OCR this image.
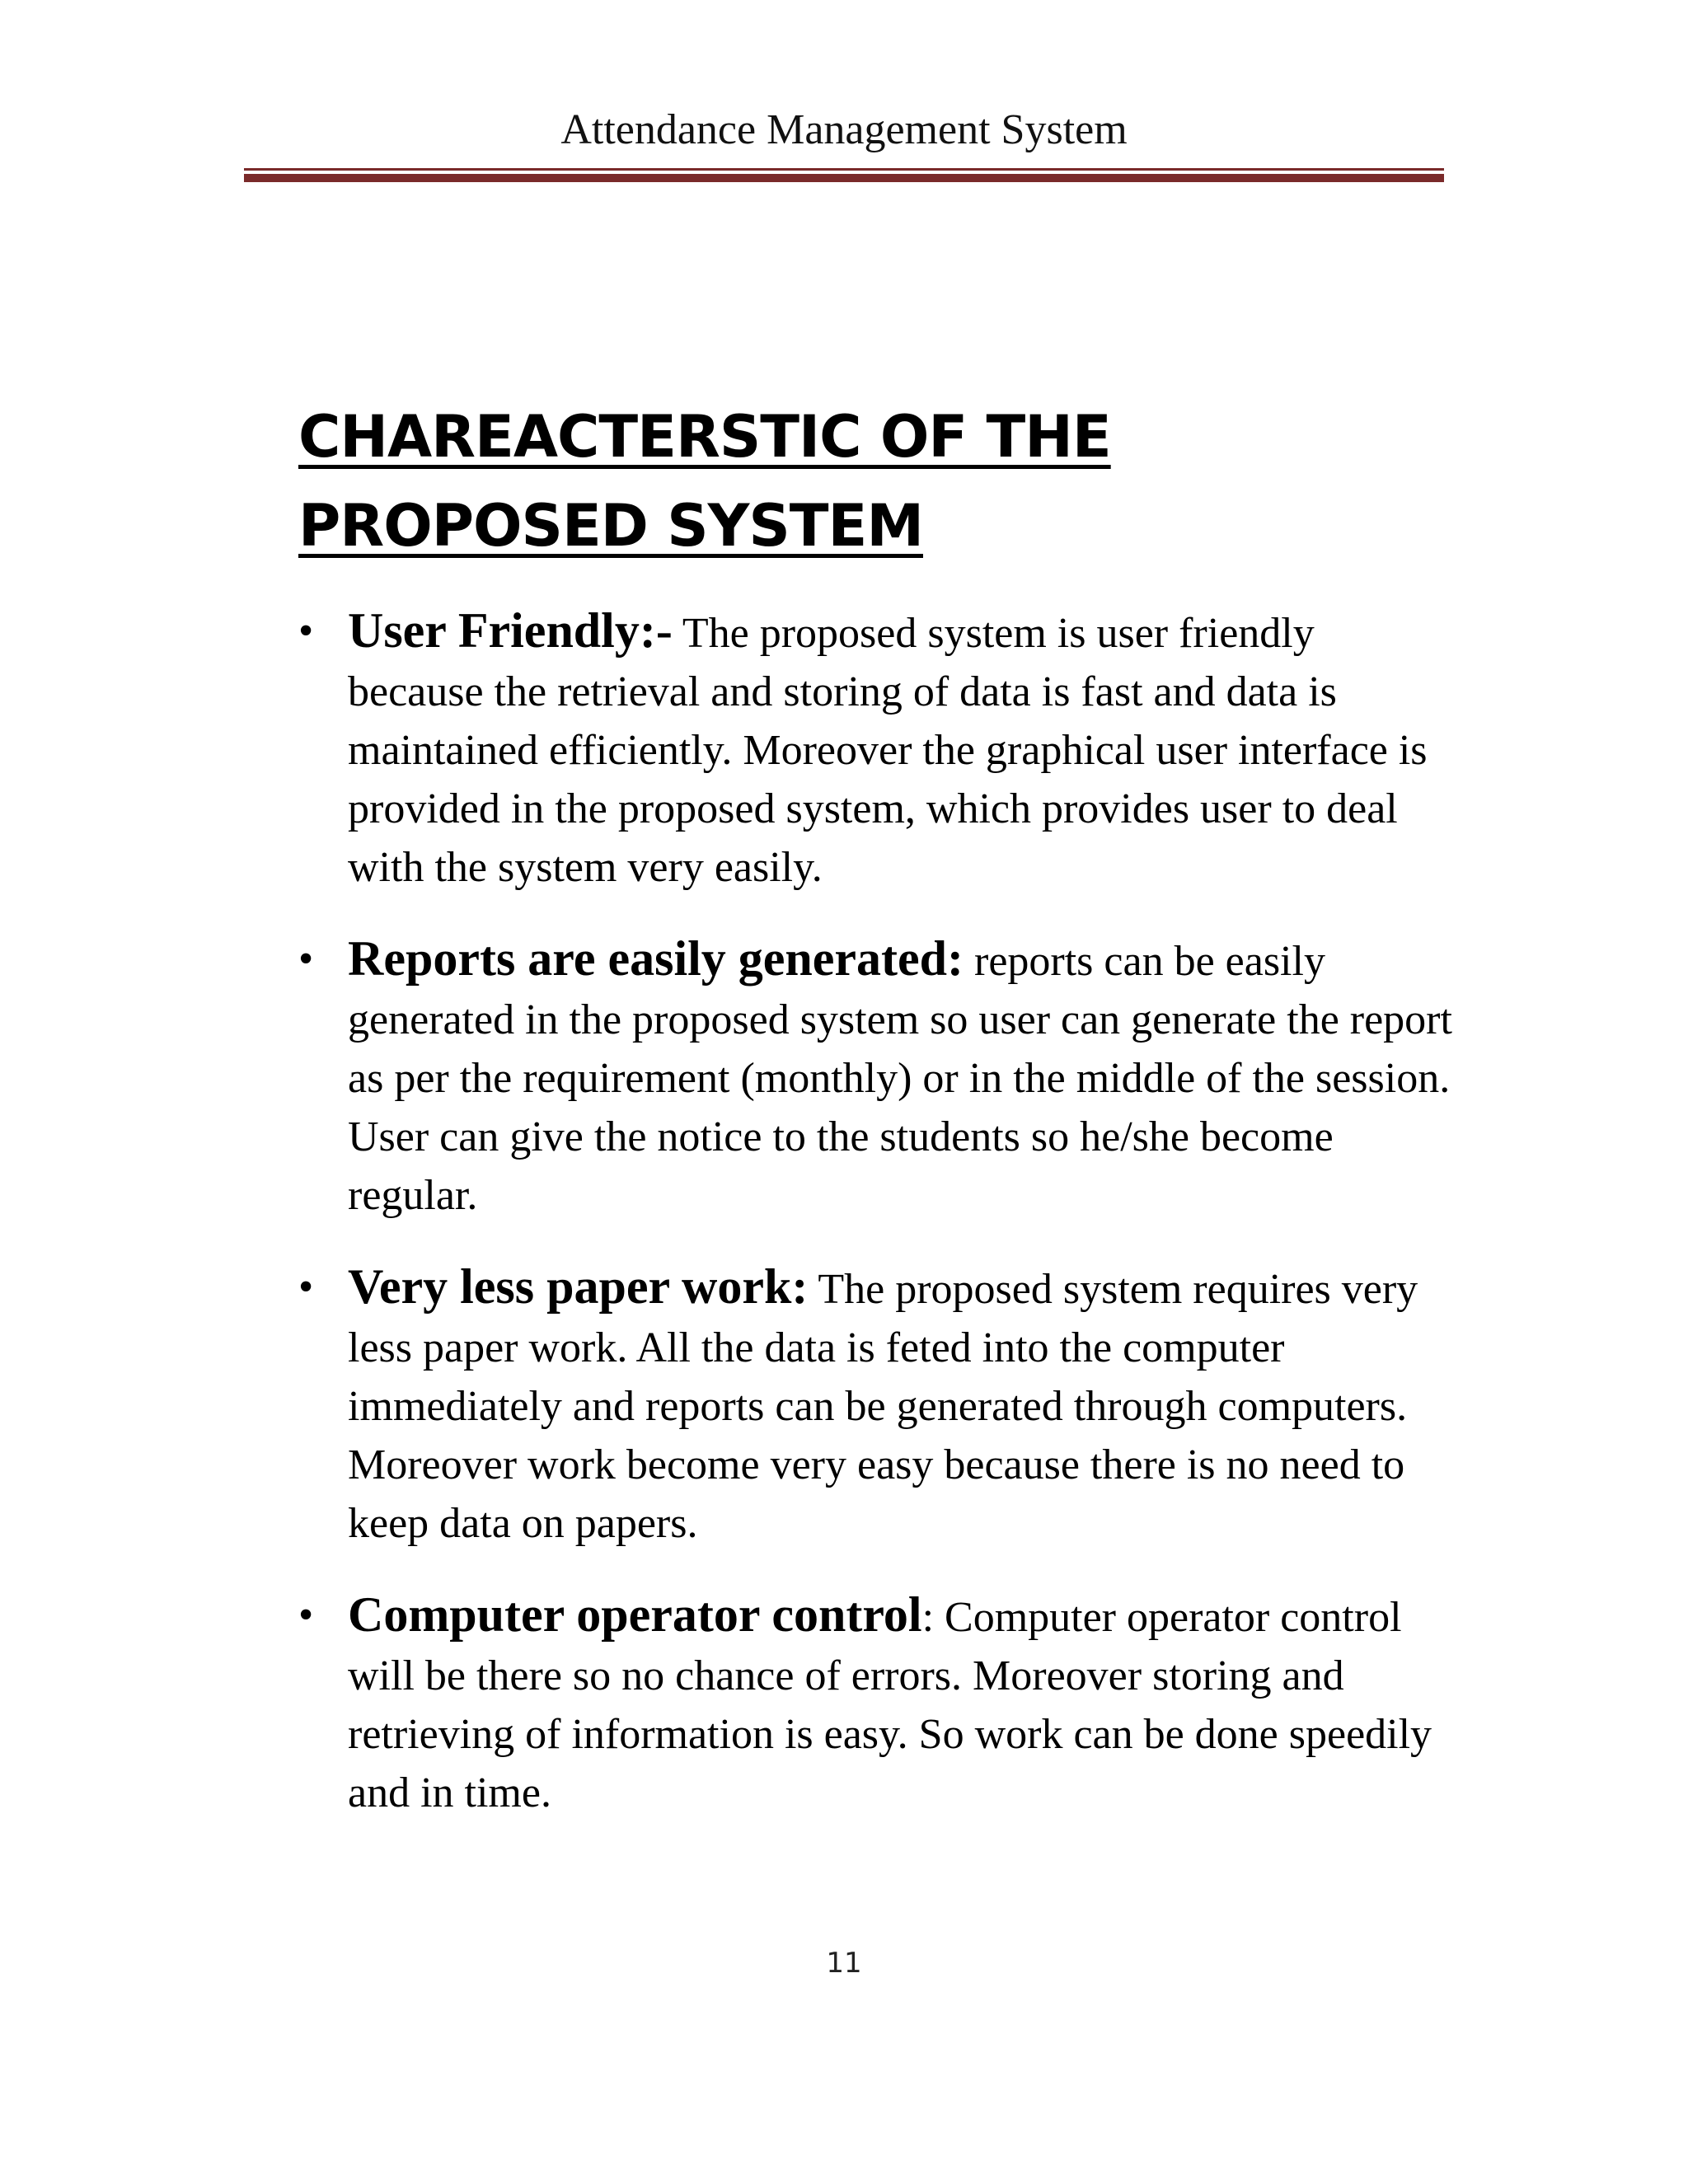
Attendance Management System

CHAREACTERSTIC OF THE PROPOSED SYSTEM
• User Friendly:- The proposed system is user friendly because the retrieval and storing of data is fast and data is maintained efficiently. Moreover the graphical user interface is provided in the proposed system, which provides user to deal with the system very easily.
• Reports are easily generated: reports can be easily generated in the proposed system so user can generate the report as per the requirement (monthly) or in the middle of the session. User can give the notice to the students so he/she become regular.
• Very less paper work: The proposed system requires very less paper work. All the data is feted into the computer immediately and reports can be generated through computers. Moreover work become very easy because there is no need to keep data on papers.
• Computer operator control: Computer operator control will be there so no chance of errors. Moreover storing and retrieving of information is easy. So work can be done speedily and in time.

11
